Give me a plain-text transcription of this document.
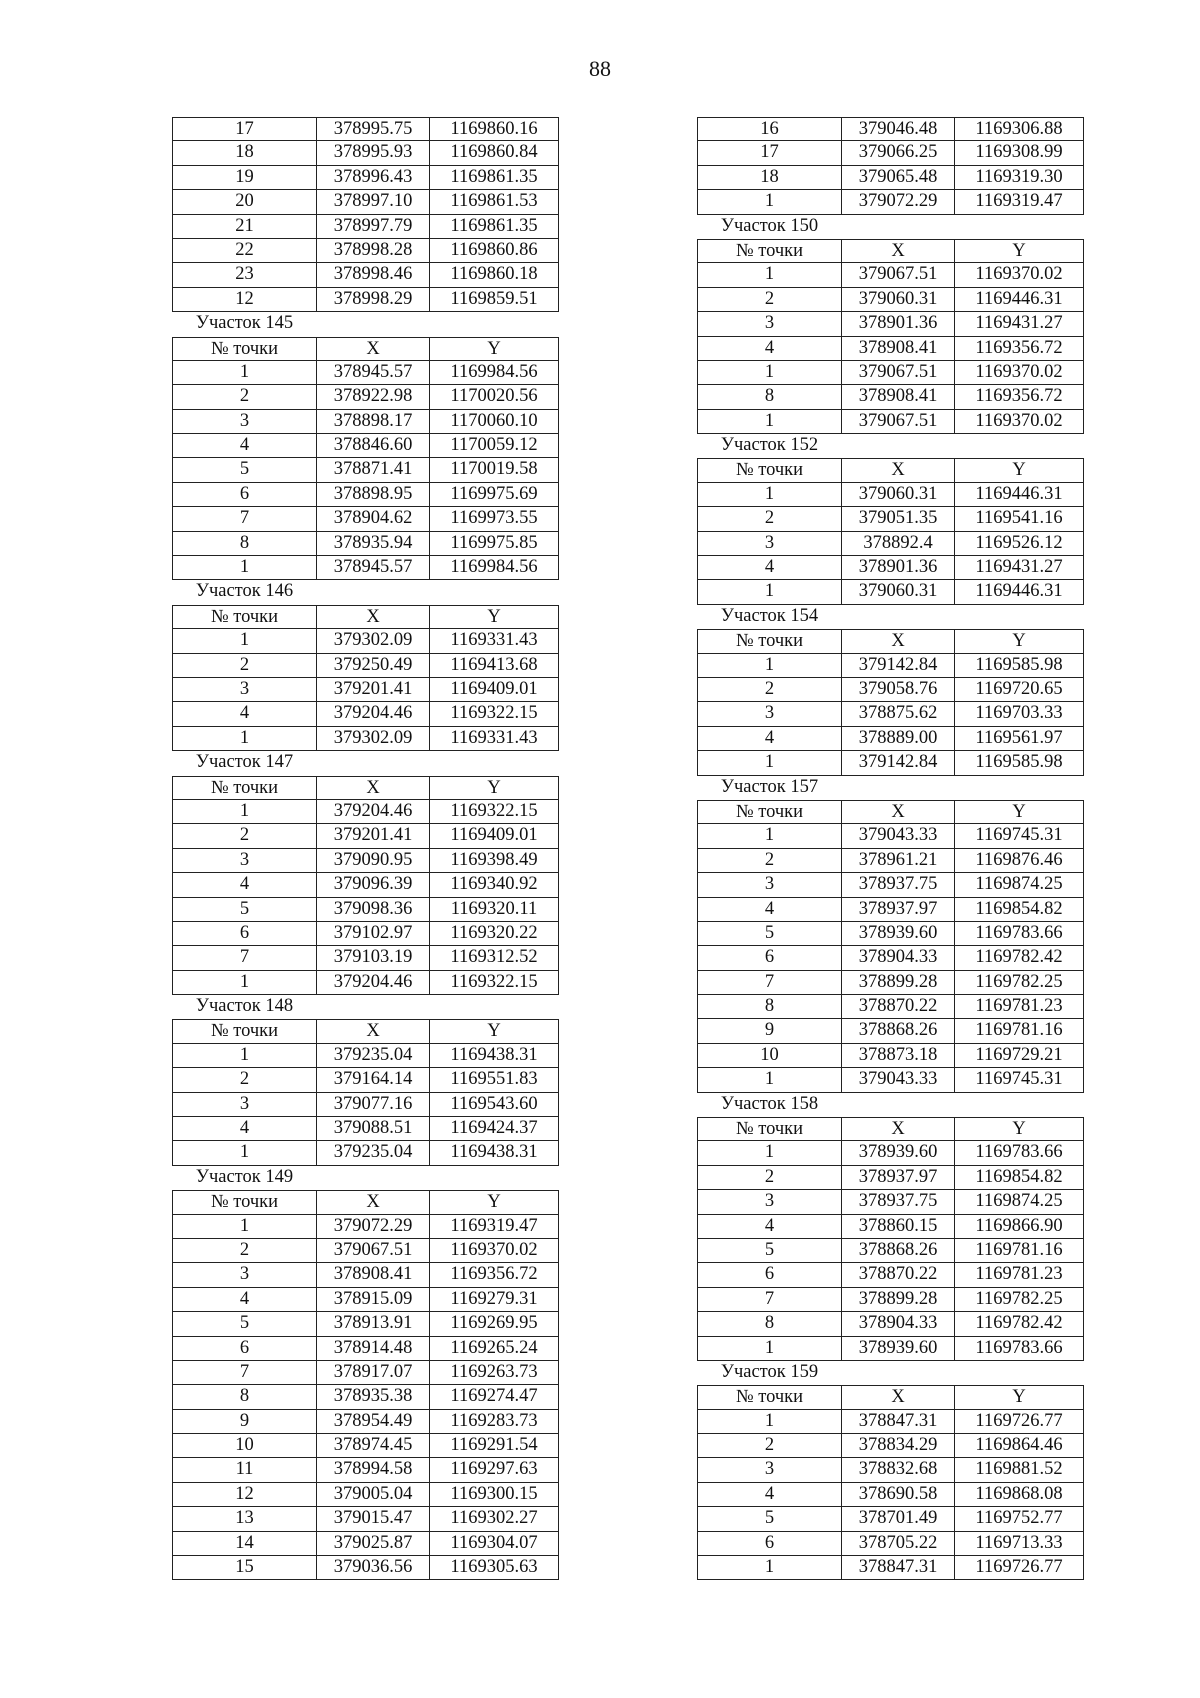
88
17	378995.75	1169860.16
18	378995.93	1169860.84
19	378996.43	1169861.35
20	378997.10	1169861.53
21	378997.79	1169861.35
22	378998.28	1169860.86
23	378998.46	1169860.18
12	378998.29	1169859.51
Участок 145
№ точки	X	Y
1	378945.57	1169984.56
2	378922.98	1170020.56
3	378898.17	1170060.10
4	378846.60	1170059.12
5	378871.41	1170019.58
6	378898.95	1169975.69
7	378904.62	1169973.55
8	378935.94	1169975.85
1	378945.57	1169984.56
Участок 146
№ точки	X	Y
1	379302.09	1169331.43
2	379250.49	1169413.68
3	379201.41	1169409.01
4	379204.46	1169322.15
1	379302.09	1169331.43
Участок 147
№ точки	X	Y
1	379204.46	1169322.15
2	379201.41	1169409.01
3	379090.95	1169398.49
4	379096.39	1169340.92
5	379098.36	1169320.11
6	379102.97	1169320.22
7	379103.19	1169312.52
1	379204.46	1169322.15
Участок 148
№ точки	X	Y
1	379235.04	1169438.31
2	379164.14	1169551.83
3	379077.16	1169543.60
4	379088.51	1169424.37
1	379235.04	1169438.31
Участок 149
№ точки	X	Y
1	379072.29	1169319.47
2	379067.51	1169370.02
3	378908.41	1169356.72
4	378915.09	1169279.31
5	378913.91	1169269.95
6	378914.48	1169265.24
7	378917.07	1169263.73
8	378935.38	1169274.47
9	378954.49	1169283.73
10	378974.45	1169291.54
11	378994.58	1169297.63
12	379005.04	1169300.15
13	379015.47	1169302.27
14	379025.87	1169304.07
15	379036.56	1169305.63
16	379046.48	1169306.88
17	379066.25	1169308.99
18	379065.48	1169319.30
1	379072.29	1169319.47
Участок 150
№ точки	X	Y
1	379067.51	1169370.02
2	379060.31	1169446.31
3	378901.36	1169431.27
4	378908.41	1169356.72
1	379067.51	1169370.02
8	378908.41	1169356.72
1	379067.51	1169370.02
Участок 152
№ точки	X	Y
1	379060.31	1169446.31
2	379051.35	1169541.16
3	378892.4	1169526.12
4	378901.36	1169431.27
1	379060.31	1169446.31
Участок 154
№ точки	X	Y
1	379142.84	1169585.98
2	379058.76	1169720.65
3	378875.62	1169703.33
4	378889.00	1169561.97
1	379142.84	1169585.98
Участок 157
№ точки	X	Y
1	379043.33	1169745.31
2	378961.21	1169876.46
3	378937.75	1169874.25
4	378937.97	1169854.82
5	378939.60	1169783.66
6	378904.33	1169782.42
7	378899.28	1169782.25
8	378870.22	1169781.23
9	378868.26	1169781.16
10	378873.18	1169729.21
1	379043.33	1169745.31
Участок 158
№ точки	X	Y
1	378939.60	1169783.66
2	378937.97	1169854.82
3	378937.75	1169874.25
4	378860.15	1169866.90
5	378868.26	1169781.16
6	378870.22	1169781.23
7	378899.28	1169782.25
8	378904.33	1169782.42
1	378939.60	1169783.66
Участок 159
№ точки	X	Y
1	378847.31	1169726.77
2	378834.29	1169864.46
3	378832.68	1169881.52
4	378690.58	1169868.08
5	378701.49	1169752.77
6	378705.22	1169713.33
1	378847.31	1169726.77
